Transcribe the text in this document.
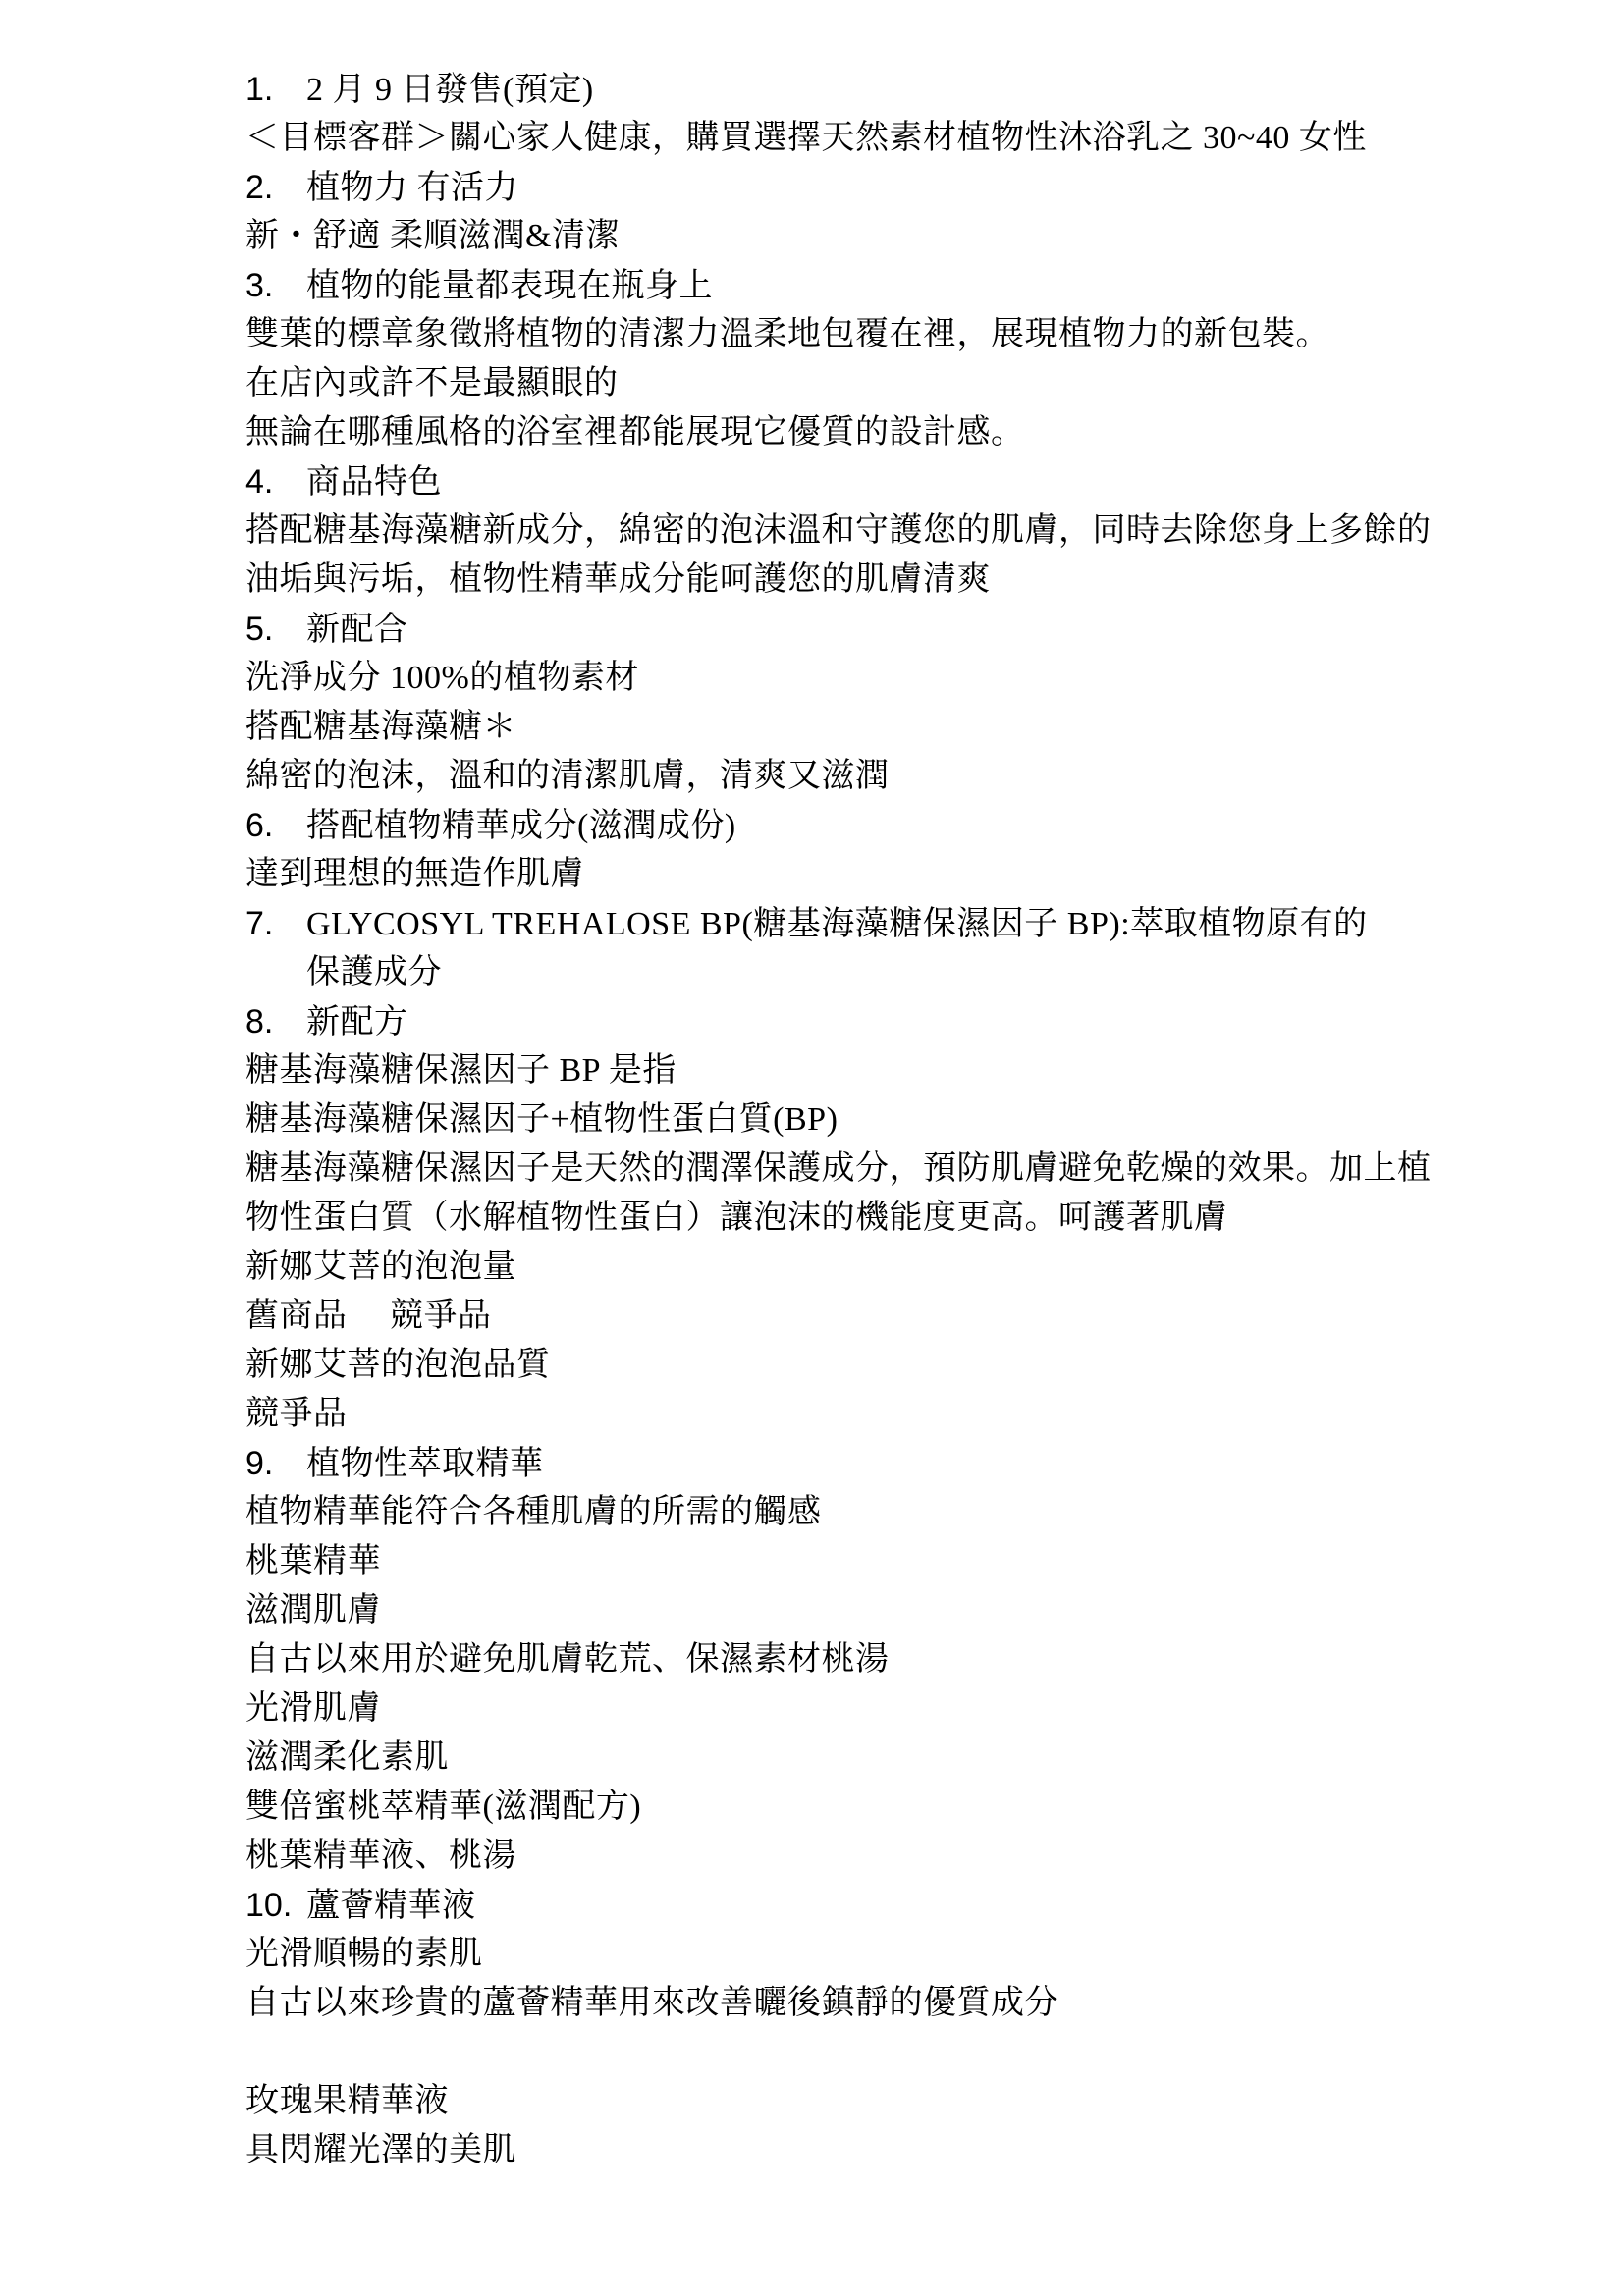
1. 2 月 9 日發售(預定)
＜目標客群＞關心家人健康，購買選擇天然素材植物性沐浴乳之 30~40 女性
2. 植物力 有活力
新・舒適 柔順滋潤&清潔
3. 植物的能量都表現在瓶身上
雙葉的標章象徵將植物的清潔力溫柔地包覆在裡，展現植物力的新包裝。
在店內或許不是最顯眼的
無論在哪種風格的浴室裡都能展現它優質的設計感。
4. 商品特色
搭配糖基海藻糖新成分，綿密的泡沫溫和守護您的肌膚，同時去除您身上多餘的
油垢與污垢，植物性精華成分能呵護您的肌膚清爽
5. 新配合
洗淨成分 100%的植物素材
搭配糖基海藻糖＊
綿密的泡沫，溫和的清潔肌膚，清爽又滋潤
6. 搭配植物精華成分(滋潤成份)
達到理想的無造作肌膚
7. GLYCOSYL TREHALOSE BP(糖基海藻糖保濕因子 BP):萃取植物原有的
保護成分
8. 新配方
糖基海藻糖保濕因子 BP 是指
糖基海藻糖保濕因子+植物性蛋白質(BP)
糖基海藻糖保濕因子是天然的潤澤保護成分，預防肌膚避免乾燥的效果。加上植
物性蛋白質（水解植物性蛋白）讓泡沫的機能度更高。呵護著肌膚
新娜艾菩的泡泡量
舊商品　 競爭品
新娜艾菩的泡泡品質
競爭品
9. 植物性萃取精華
植物精華能符合各種肌膚的所需的觸感
桃葉精華
滋潤肌膚
自古以來用於避免肌膚乾荒、保濕素材桃湯
光滑肌膚
滋潤柔化素肌
雙倍蜜桃萃精華(滋潤配方)
桃葉精華液、桃湯
10. 蘆薈精華液
光滑順暢的素肌
自古以來珍貴的蘆薈精華用來改善曬後鎮靜的優質成分

玫瑰果精華液
具閃耀光澤的美肌
